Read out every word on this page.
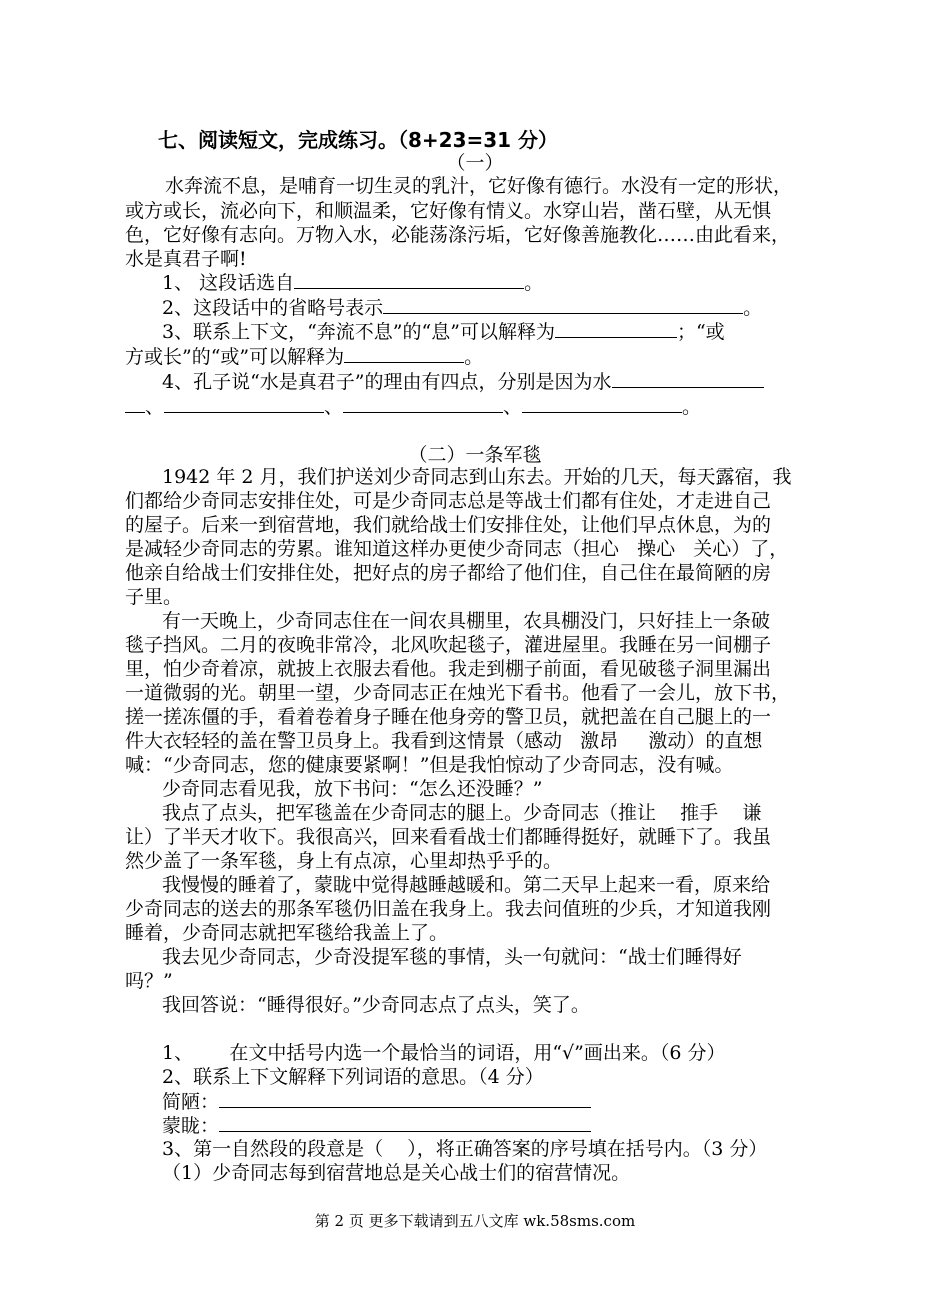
七、阅读短文，完成练习。（8+23=31 分）
（一）
水奔流不息，是哺育一切生灵的乳汁，它好像有德行。水没有一定的形状，
或方或长，流必向下，和顺温柔，它好像有情义。水穿山岩，凿石壁，从无惧
色，它好像有志向。万物入水，必能荡涤污垢，它好像善施教化……由此看来，
水是真君子啊!
1、 这段话选自	。
2、这段话中的省略号表示	。
3、联系上下文，“奔流不息”的“息”可以解释为	；“或
方或长”的“或”可以解释为	。
4、孔子说“水是真君子”的理由有四点，分别是因为水
、	、	、	。
（二）一条军毯
1942 年 2 月，我们护送刘少奇同志到山东去。开始的几天，每天露宿，我
们都给少奇同志安排住处，可是少奇同志总是等战士们都有住处，才走进自己
的屋子。后来一到宿营地，我们就给战士们安排住处，让他们早点休息，为的
是减轻少奇同志的劳累。谁知道这样办更使少奇同志（担心   操心   关心）了，
他亲自给战士们安排住处，把好点的房子都给了他们住，自己住在最简陋的房
子里。
有一天晚上，少奇同志住在一间农具棚里，农具棚没门，只好挂上一条破
毯子挡风。二月的夜晚非常冷，北风吹起毯子，灌进屋里。我睡在另一间棚子
里，怕少奇着凉，就披上衣服去看他。我走到棚子前面，看见破毯子洞里漏出
一道微弱的光。朝里一望，少奇同志正在烛光下看书。他看了一会儿，放下书，
搓一搓冻僵的手，看着卷着身子睡在他身旁的警卫员，就把盖在自己腿上的一
件大衣轻轻的盖在警卫员身上。我看到这情景（感动   激昂     激动）的直想
喊：“少奇同志，您的健康要紧啊！”但是我怕惊动了少奇同志，没有喊。
少奇同志看见我，放下书问：“怎么还没睡？”
我点了点头，把军毯盖在少奇同志的腿上。少奇同志（推让    推手    谦
让）了半天才收下。我很高兴，回来看看战士们都睡得挺好，就睡下了。我虽
然少盖了一条军毯，身上有点凉，心里却热乎乎的。
我慢慢的睡着了，蒙眬中觉得越睡越暖和。第二天早上起来一看，原来给
少奇同志的送去的那条军毯仍旧盖在我身上。我去问值班的少兵，才知道我刚
睡着，少奇同志就把军毯给我盖上了。
我去见少奇同志，少奇没提军毯的事情，头一句就问：“战士们睡得好
吗？”
我回答说：“睡得很好。”少奇同志点了点头，笑了。
1、      在文中括号内选一个最恰当的词语，用“√”画出来。（6 分）
2、联系上下文解释下列词语的意思。（4 分）
简陋：
蒙眬：
3、第一自然段的段意是（    ），将正确答案的序号填在括号内。（3 分）
（1）少奇同志每到宿营地总是关心战士们的宿营情况。
第 2 页 更多下载请到五八文库 wk.58sms.com
